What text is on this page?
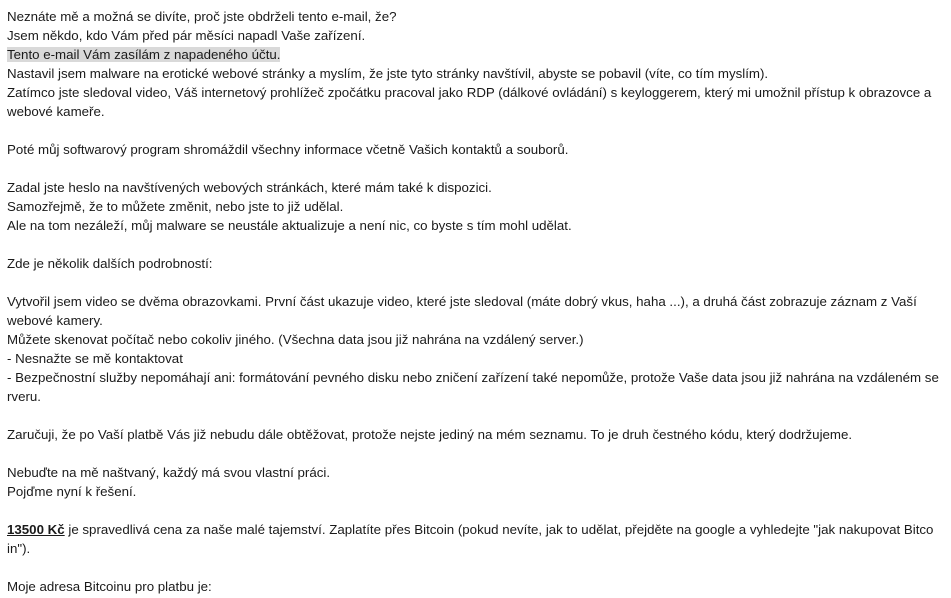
Neznáte mě a možná se divíte, proč jste obdrželi tento e-mail, že?
Jsem někdo, kdo Vám před pár měsíci napadl Vaše zařízení.
Tento e-mail Vám zasílám z napadeného účtu.
Nastavil jsem malware na erotické webové stránky a myslím, že jste tyto stránky navštívil, abyste se pobavil (víte, co tím myslím).
Zatímco jste sledoval video, Váš internetový prohlížeč zpočátku pracoval jako RDP (dálkové ovládání) s keyloggerem, který mi umožnil přístup k obrazovce a
webové kameře.
Poté můj softwarový program shromáždil všechny informace včetně Vašich kontaktů a souborů.
Zadal jste heslo na navštívených webových stránkách, které mám také k dispozici.
Samozřejmě, že to můžete změnit, nebo jste to již udělal.
Ale na tom nezáleží, můj malware se neustále aktualizuje a není nic, co byste s tím mohl udělat.
Zde je několik dalších podrobností:
Vytvořil jsem video se dvěma obrazovkami. První část ukazuje video, které jste sledoval (máte dobrý vkus, haha ...), a druhá část zobrazuje záznam z Vaší
webové kamery.
Můžete skenovat počítač nebo cokoliv jiného. (Všechna data jsou již nahrána na vzdálený server.)
- Nesnažte se mě kontaktovat
- Bezpečnostní služby nepomáhají ani: formátování pevného disku nebo zničení zařízení také nepomůže, protože Vaše data jsou již nahrána na vzdáleném se
rveru.
Zaručuji, že po Vaší platbě Vás již nebudu dále obtěžovat, protože nejste jediný na mém seznamu. To je druh čestného kódu, který dodržujeme.
Nebuďte na mě naštvaný, každý má svou vlastní práci.
Pojďme nyní k řešení.
13500 Kč je spravedlivá cena za naše malé tajemství. Zaplatíte přes Bitcoin (pokud nevíte, jak to udělat, přejděte na google a vyhledejte "jak nakupovat Bitco
in").
Moje adresa Bitcoinu pro platbu je:
